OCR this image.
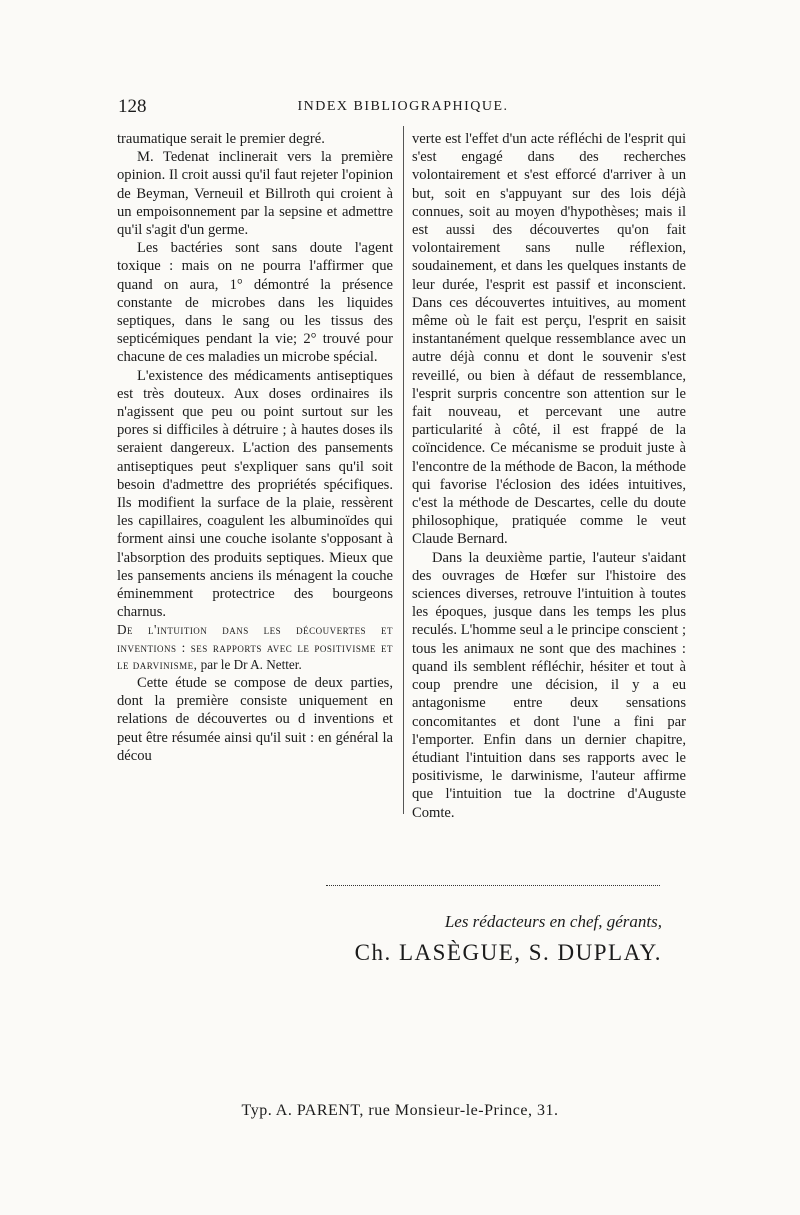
128	INDEX BIBLIOGRAPHIQUE.

traumatique serait le premier degré.

M. Tedenat inclinerait vers la première opinion. Il croit aussi qu'il faut rejeter l'opinion de Beyman, Verneuil et Billroth qui croient à un empoisonnement par la sepsine et admettre qu'il s'agit d'un germe.

Les bactéries sont sans doute l'agent toxique : mais on ne pourra l'affirmer que quand on aura, 1° démontré la présence constante de microbes dans les liquides septiques, dans le sang ou les tissus des septicémiques pendant la vie; 2° trouvé pour chacune de ces maladies un microbe spécial.

L'existence des médicaments antiseptiques est très douteux. Aux doses ordinaires ils n'agissent que peu ou point surtout sur les pores si difficiles à détruire ; à hautes doses ils seraient dangereux. L'action des pansements antiseptiques peut s'expliquer sans qu'il soit besoin d'admettre des propriétés spécifiques. Ils modifient la surface de la plaie, ressèrent les capillaires, coagulent les albuminoïdes qui forment ainsi une couche isolante s'opposant à l'absorption des produits septiques. Mieux que les pansements anciens ils ménagent la couche éminemment protectrice des bourgeons charnus.

De l'intuition dans les découvertes et inventions : ses rapports avec le positivisme et le darvinisme, par le Dr A. Netter.

Cette étude se compose de deux parties, dont la première consiste uniquement en relations de découvertes ou d inventions et peut être résumée ainsi qu'il suit : en général la décou

verte est l'effet d'un acte réfléchi de l'esprit qui s'est engagé dans des recherches volontairement et s'est efforcé d'arriver à un but, soit en s'appuyant sur des lois déjà connues, soit au moyen d'hypothèses; mais il est aussi des découvertes qu'on fait volontairement sans nulle réflexion, soudainement, et dans les quelques instants de leur durée, l'esprit est passif et inconscient. Dans ces découvertes intuitives, au moment même où le fait est perçu, l'esprit en saisit instantanément quelque ressemblance avec un autre déjà connu et dont le souvenir s'est reveillé, ou bien à défaut de ressemblance, l'esprit surpris concentre son attention sur le fait nouveau, et percevant une autre particularité à côté, il est frappé de la coïncidence. Ce mécanisme se produit juste à l'encontre de la méthode de Bacon, la méthode qui favorise l'éclosion des idées intuitives, c'est la méthode de Descartes, celle du doute philosophique, pratiquée comme le veut Claude Bernard.

Dans la deuxième partie, l'auteur s'aidant des ouvrages de Hœfer sur l'histoire des sciences diverses, retrouve l'intuition à toutes les époques, jusque dans les temps les plus reculés. L'homme seul a le principe conscient ; tous les animaux ne sont que des machines : quand ils semblent réfléchir, hésiter et tout à coup prendre une décision, il y a eu antagonisme entre deux sensations concomitantes et dont l'une a fini par l'emporter. Enfin dans un dernier chapitre, étudiant l'intuition dans ses rapports avec le positivisme, le darwinisme, l'auteur affirme que l'intuition tue la doctrine d'Auguste Comte.

Les rédacteurs en chef, gérants,
Ch. LASÈGUE, S. DUPLAY.
Typ. A. PARENT, rue Monsieur-le-Prince, 31.
